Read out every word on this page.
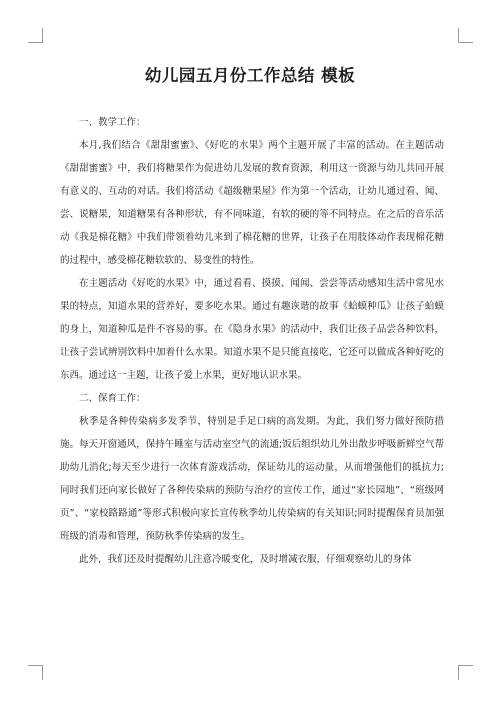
幼儿园五月份工作总结 模板

一、教学工作：

本月,我们结合《甜甜蜜蜜》、《好吃的水果》两个主题开展了丰富的活动。在主题活动《甜甜蜜蜜》中，我们将糖果作为促进幼儿发展的教育资源，利用这一资源与幼儿共同开展有意义的、互动的对话。我们将活动《超级糖果屋》作为第一个活动，让幼儿通过看、闻、尝、说糖果，知道糖果有各种形状，有不同味道，有软的硬的等不同特点。在之后的音乐活动《我是棉花糖》中我们带领着幼儿来到了棉花糖的世界，让孩子在用肢体动作表现棉花糖的过程中，感受棉花糖软软的、易变性的特性。

在主题活动《好吃的水果》中，通过看看、摸摸、闻闻、尝尝等活动感知生活中常见水果的特点，知道水果的营养好，要多吃水果。通过有趣诙谐的故事《蛤蟆种瓜》让孩子蛤蟆的身上，知道种瓜是件不容易的事。在《隐身水果》的活动中，我们让孩子品尝各种饮料，让孩子尝试辨别饮料中加着什么水果。知道水果不是只能直接吃，它还可以做成各种好吃的东西。通过这一主题，让孩子爱上水果，更好地认识水果。

二、保育工作：

秋季是各种传染病多发季节，特别是手足口病的高发期。为此，我们努力做好预防措施。每天开窗通风，保持午睡室与活动室空气的流通;饭后组织幼儿外出散步呼吸新鲜空气帮助幼儿消化;每天至少进行一次体育游戏活动，保证幼儿的运动量，从而增强他们的抵抗力;同时我们还向家长做好了各种传染病的预防与治疗的宣传工作，通过“家长园地”、“班级网页”、“家校路路通”等形式积极向家长宣传秋季幼儿传染病的有关知识;同时提醒保育员加强班级的消毒和管理，预防秋季传染病的发生。

此外，我们还及时提醒幼儿注意冷暖变化，及时增减衣服，仔细观察幼儿的身体
